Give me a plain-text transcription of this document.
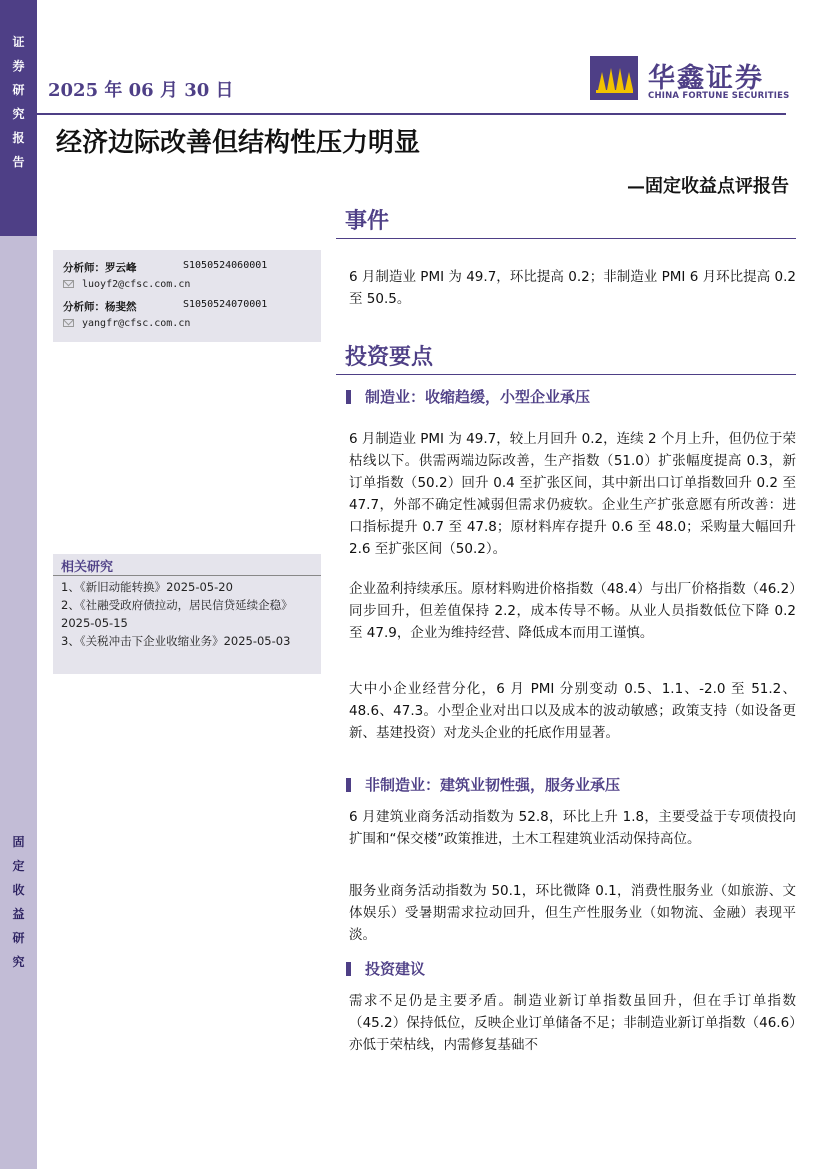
证
券
研
究
报
告
固
定
收
益
研
究
2025 年 06 月 30 日	华鑫证券
CHINA FORTUNE SECURITIES
经济边际改善但结构性压力明显
—固定收益点评报告
分析师：罗云峰	S1050524060001
luoyf2@cfsc.com.cn
分析师：杨斐然	S1050524070001
yangfr@cfsc.com.cn
相关研究
1、《新旧动能转换》2025-05-20
2、《社融受政府债拉动，居民信贷延续企稳》2025-05-15
3、《关税冲击下企业收缩业务》2025-05-03
事件
6 月制造业 PMI 为 49.7，环比提高 0.2；非制造业 PMI 6 月环比提高 0.2 至 50.5。
投资要点
制造业：收缩趋缓，小型企业承压
6 月制造业 PMI 为 49.7，较上月回升 0.2，连续 2 个月上升，但仍位于荣枯线以下。供需两端边际改善，生产指数（51.0）扩张幅度提高 0.3，新订单指数（50.2）回升 0.4 至扩张区间，其中新出口订单指数回升 0.2 至 47.7，外部不确定性减弱但需求仍疲软。企业生产扩张意愿有所改善：进口指标提升 0.7 至 47.8；原材料库存提升 0.6 至 48.0；采购量大幅回升 2.6 至扩张区间（50.2）。
企业盈利持续承压。原材料购进价格指数（48.4）与出厂价格指数（46.2）同步回升，但差值保持 2.2，成本传导不畅。从业人员指数低位下降 0.2 至 47.9，企业为维持经营、降低成本而用工谨慎。
大中小企业经营分化，6 月 PMI 分别变动 0.5、1.1、-2.0 至 51.2、48.6、47.3。小型企业对出口以及成本的波动敏感；政策支持（如设备更新、基建投资）对龙头企业的托底作用显著。
非制造业：建筑业韧性强，服务业承压
6 月建筑业商务活动指数为 52.8，环比上升 1.8，主要受益于专项债投向扩围和“保交楼”政策推进，土木工程建筑业活动保持高位。
服务业商务活动指数为 50.1，环比微降 0.1，消费性服务业（如旅游、文体娱乐）受暑期需求拉动回升，但生产性服务业（如物流、金融）表现平淡。
投资建议
需求不足仍是主要矛盾。制造业新订单指数虽回升，但在手订单指数（45.2）保持低位，反映企业订单储备不足；非制造业新订单指数（46.6）亦低于荣枯线，内需修复基础不
